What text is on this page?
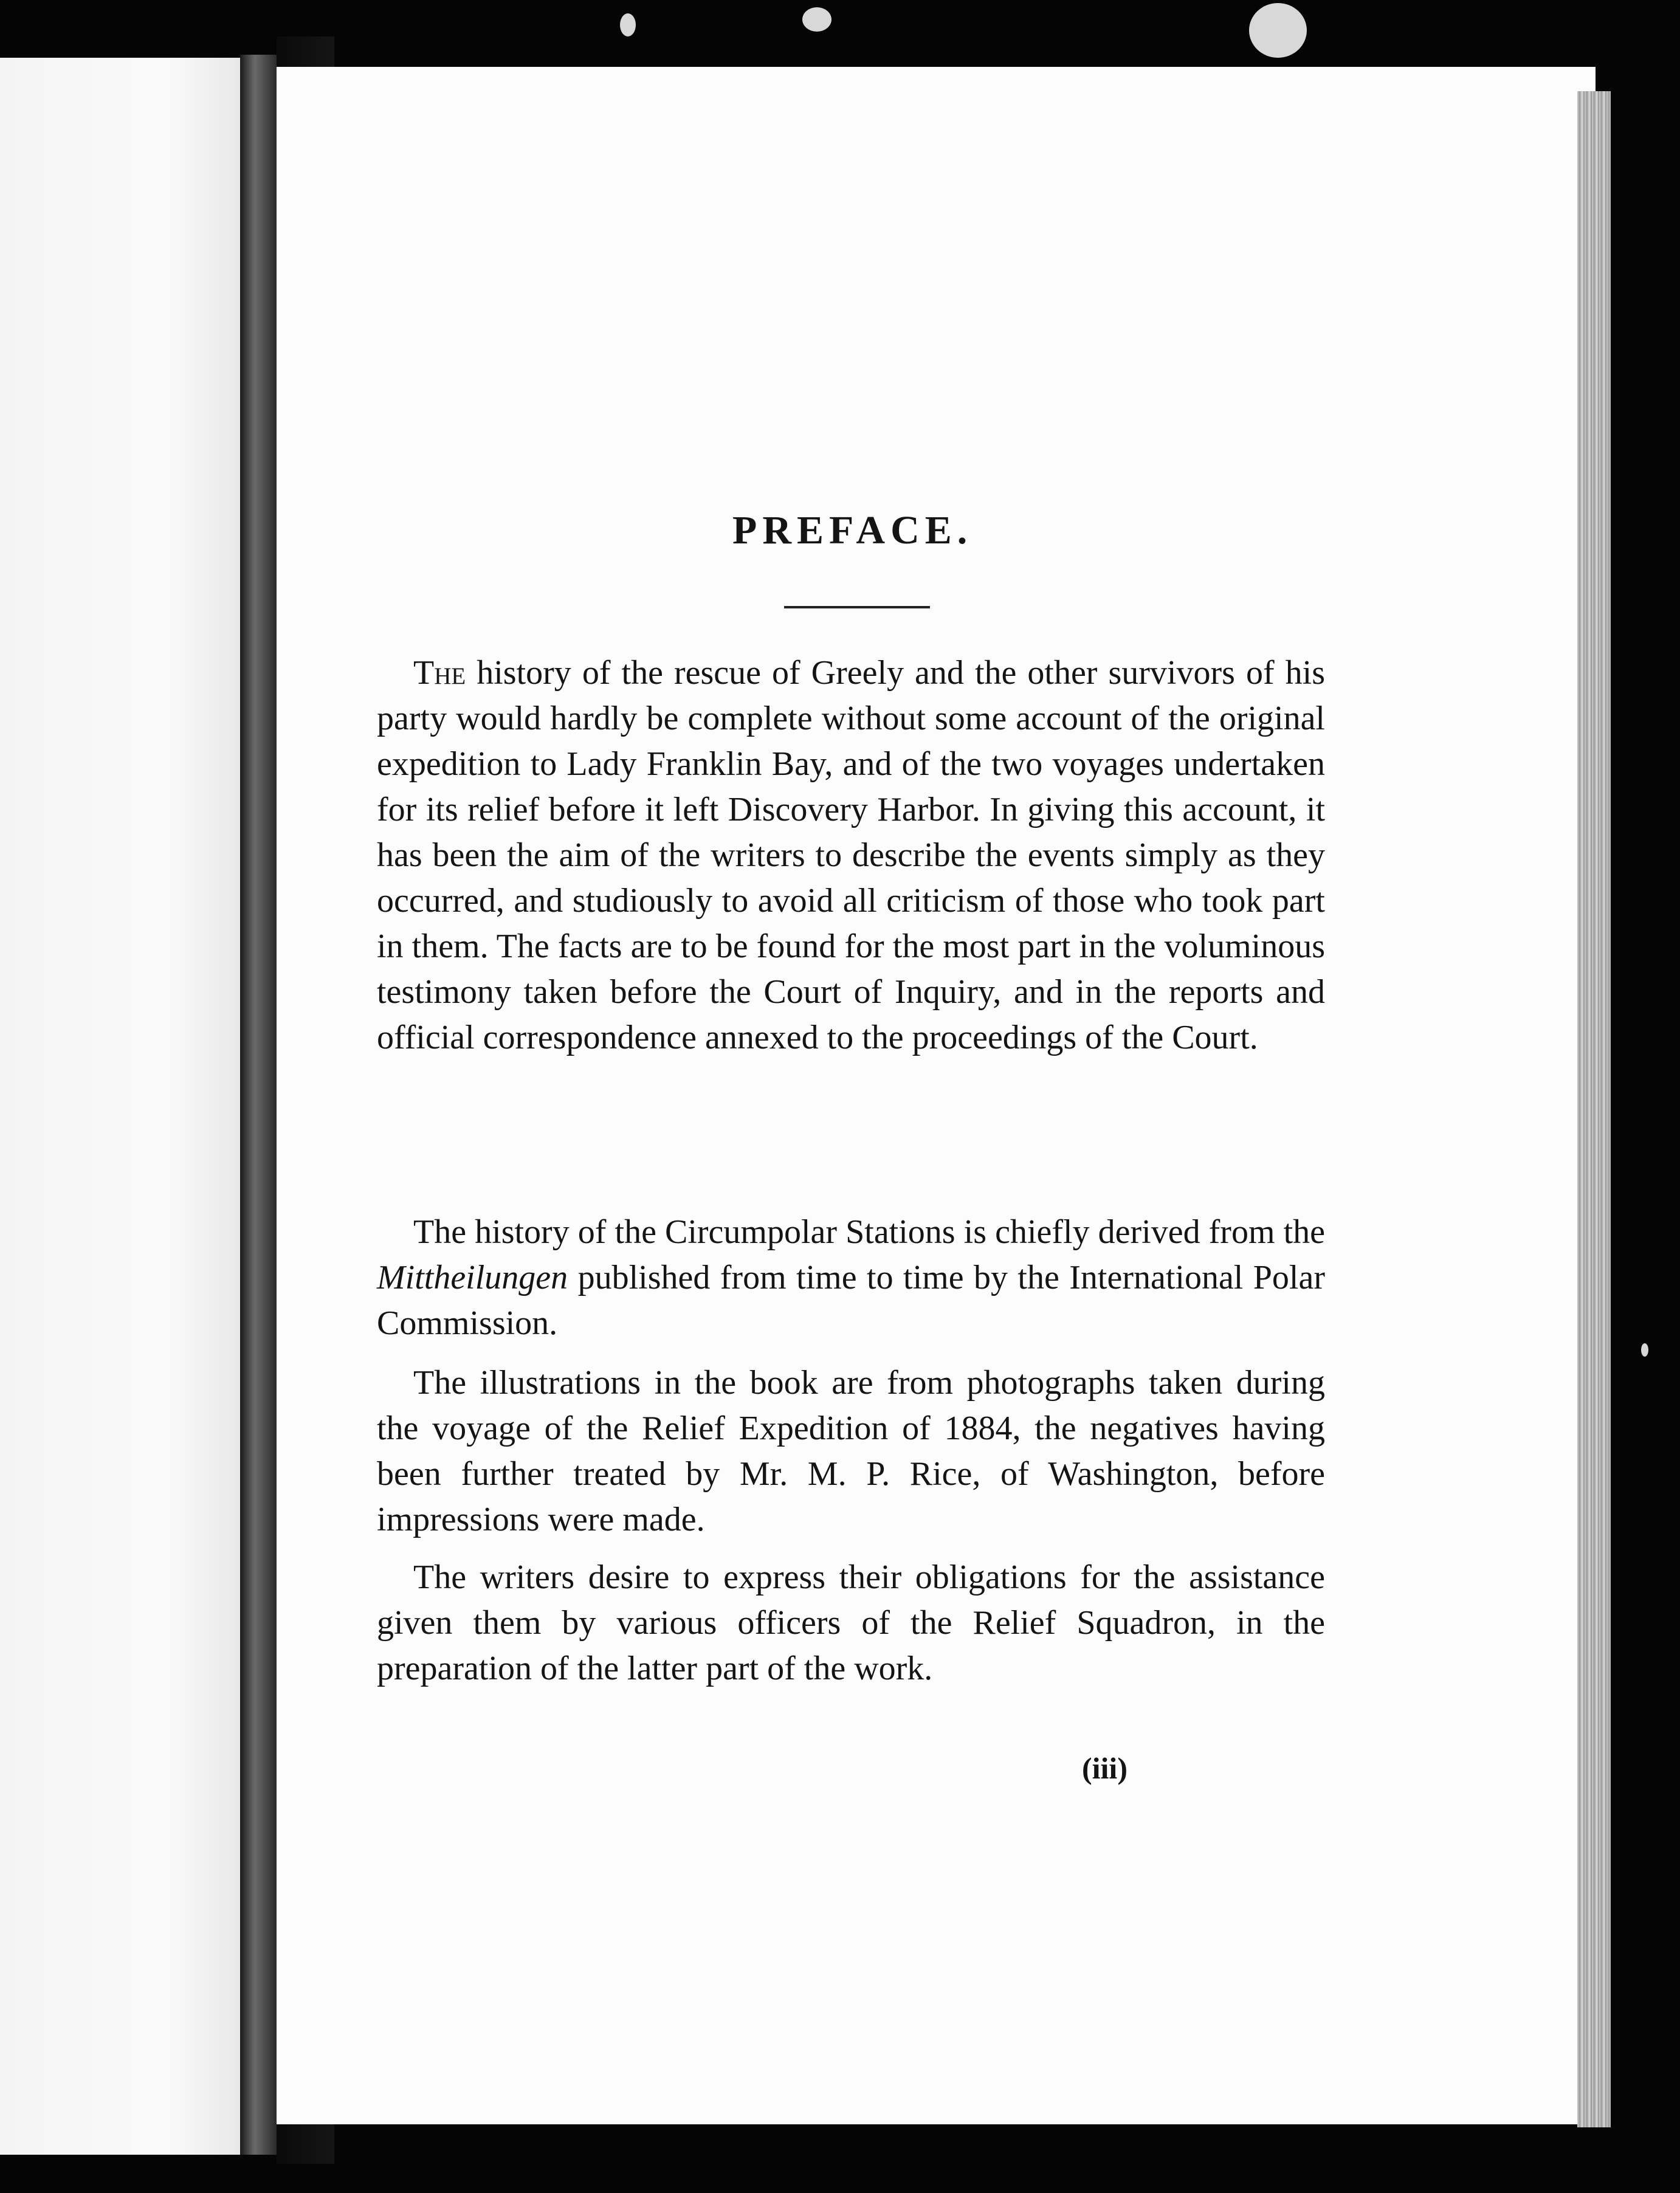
PREFACE.
The history of the rescue of Greely and the other survivors of his party would hardly be complete without some account of the original expedition to Lady Franklin Bay, and of the two voyages undertaken for its relief before it left Discovery Harbor. In giving this account, it has been the aim of the writers to describe the events simply as they occurred, and studiously to avoid all criticism of those who took part in them. The facts are to be found for the most part in the voluminous testimony taken before the Court of Inquiry, and in the reports and official correspondence annexed to the proceedings of the Court.
The history of the Circumpolar Stations is chiefly derived from the Mittheilungen published from time to time by the International Polar Commission.
The illustrations in the book are from photographs taken during the voyage of the Relief Expedition of 1884, the negatives having been further treated by Mr. M. P. Rice, of Washington, before impressions were made.
The writers desire to express their obligations for the assistance given them by various officers of the Relief Squadron, in the preparation of the latter part of the work.
(iii)
